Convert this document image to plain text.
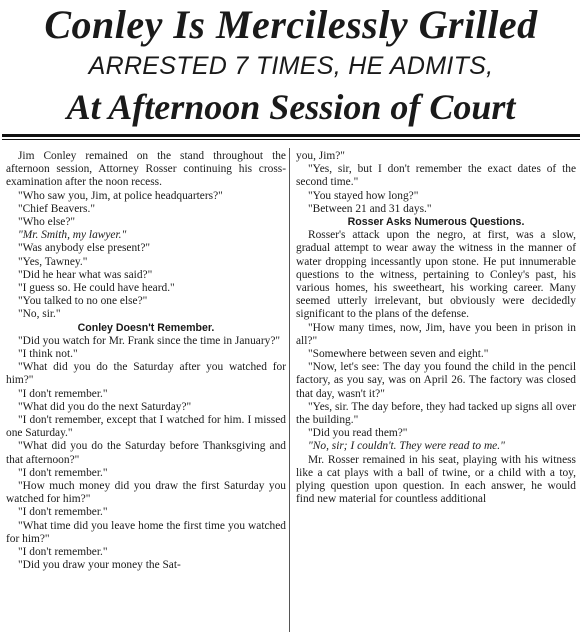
Conley Is Mercilessly Grilled
ARRESTED 7 TIMES, HE ADMITS,
At Afternoon Session of Court

Jim Conley remained on the stand throughout the afternoon session, Attorney Rosser continuing his cross-examination after the noon recess.

"Who saw you, Jim, at police headquarters?"

"Chief Beavers."

"Who else?"

"Mr. Smith, my lawyer."

"Was anybody else present?"

"Yes, Tawney."

"Did he hear what was said?"

"I guess so. He could have heard."

"You talked to no one else?"

"No, sir."

Conley Doesn't Remember.

"Did you watch for Mr. Frank since the time in January?"

"I think not."

"What did you do the Saturday after you watched for him?"

"I don't remember."

"What did you do the next Saturday?"

"I don't remember, except that I watched for him. I missed one Saturday."

"What did you do the Saturday before Thanksgiving and that afternoon?"

"I don't remember."

"How much money did you draw the first Saturday you watched for him?"

"I don't remember."

"What time did you leave home the first time you watched for him?"

"I don't remember."

"Did you draw your money the Sat-

you, Jim?"

"Yes, sir, but I don't remember the exact dates of the second time."

"You stayed how long?"

"Between 21 and 31 days."

Rosser Asks Numerous Questions.

Rosser's attack upon the negro, at first, was a slow, gradual attempt to wear away the witness in the manner of water dropping incessantly upon stone. He put innumerable questions to the witness, pertaining to Conley's past, his various homes, his sweetheart, his working career. Many seemed utterly irrelevant, but obviously were decidedly significant to the plans of the defense.

"How many times, now, Jim, have you been in prison in all?"

"Somewhere between seven and eight."

"Now, let's see: The day you found the child in the pencil factory, as you say, was on April 26. The factory was closed that day, wasn't it?"

"Yes, sir. The day before, they had tacked up signs all over the building."

"Did you read them?"

"No, sir; I couldn't. They were read to me."

Mr. Rosser remained in his seat, playing with his witness like a cat plays with a ball of twine, or a child with a toy, plying question upon question. In each answer, he would find new material for countless additional
